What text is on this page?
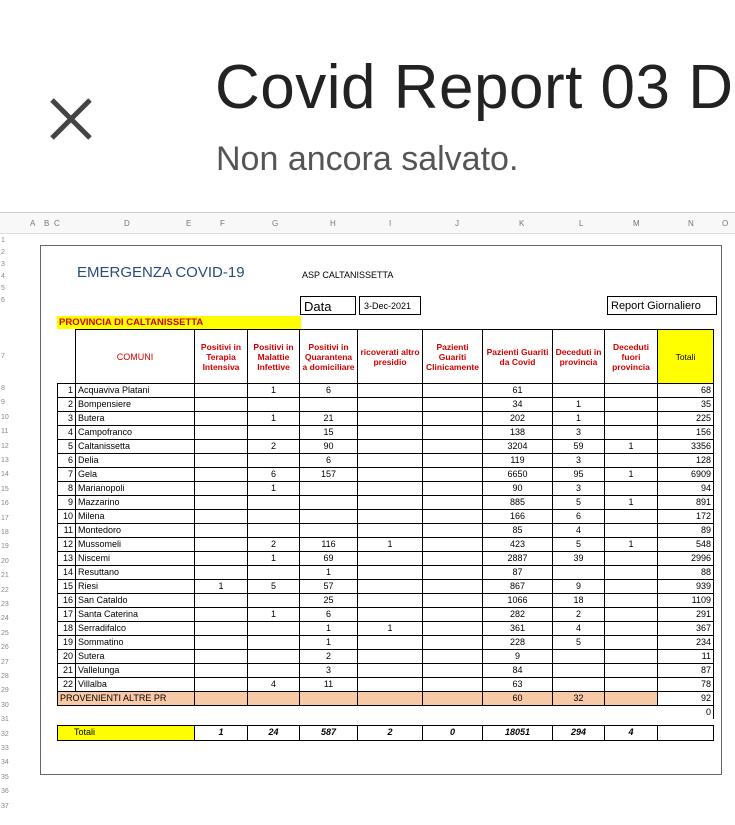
Covid Report 03 D
Non ancora salvato.
A B C	D	E	F	G	H	I	J	K	L	M	N	O
1
2
3
4
5
6
7
8
9
10
11
12
13
14
15
16
17
18
19
20
21
22
23
24
25
26
27
28
29
30
31
32
33
34
35
36
37
EMERGENZA COVID-19	ASP CALTANISSETTA
Data	3-Dec-2021	Report Giornaliero
PROVINCIA DI CALTANISSETTA
	COMUNI	Positivi in Terapia Intensiva	Positivi in Malattie Infettive	Positivi in Quarantena a domiciliare	ricoverati altro presidio	Pazienti Guariti Clinicamente	Pazienti Guariti da Covid	Deceduti in provincia	Deceduti fuori provincia	Totali
1	Acquaviva Platani		1	6			61			68
2	Bompensiere						34	1		35
3	Butera		1	21			202	1		225
4	Campofranco			15			138	3		156
5	Caltanissetta		2	90			3204	59	1	3356
6	Delia			6			119	3		128
7	Gela		6	157			6650	95	1	6909
8	Marianopoli		1				90	3		94
9	Mazzarino						885	5	1	891
10	Milena						166	6		172
11	Montedoro						85	4		89
12	Mussomeli		2	116	1		423	5	1	548
13	Niscemi		1	69			2887	39		2996
14	Resuttano			1			87			88
15	Riesi	1	5	57			867	9		939
16	San Cataldo			25			1066	18		1109
17	Santa Caterina		1	6			282	2		291
18	Serradifalco			1	1		361	4		367
19	Sommatino			1			228	5		234
20	Sutera			2			9			11
21	Vallelunga			3			84			87
22	Villalba		4	11			63			78
PROVENIENTI ALTRE PR							60	32		92
										0

Totali		1	24	587	2	0	18051	294	4	
